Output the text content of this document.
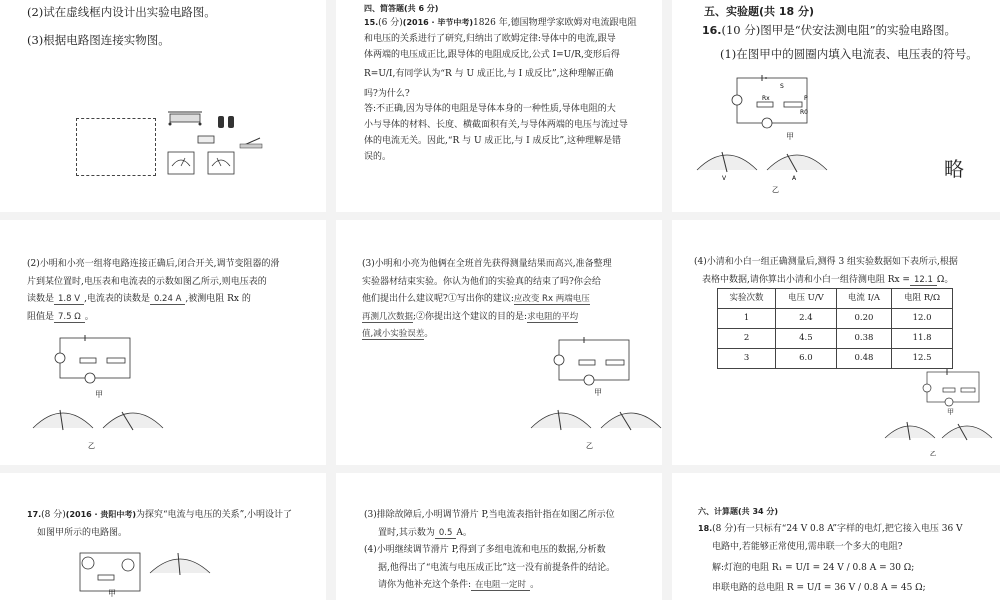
(2)试在虚线框内设计出实验电路图。
(3)根据电路图连接实物图。
四、简答题(共 6 分)
15.(6 分)(2016 · 毕节中考)1826 年,德国物理学家欧姆对电流跟电阻
和电压的关系进行了研究,归纳出了欧姆定律:导体中的电流,跟导
体两端的电压成正比,跟导体的电阻成反比,公式 I=U/R,变形后得
R=U/I,有同学认为“R 与 U 成正比,与 I 成反比”,这种理解正确
吗?为什么?
答:不正确,因为导体的电阻是导体本身的一种性质,导体电阻的大
小与导体的材料、长度、横截面积有关,与导体两端的电压与流过导
体的电流无关。因此,“R 与 U 成正比,与 I 成反比”,这种理解是错
误的。
五、实验题(共 18 分)
16.(10 分)图甲是“伏安法测电阻”的实验电路图。
(1)在图甲中的圆圈内填入电流表、电压表的符号。
S
Rx	P
R0
V	A
乙
甲
略
(2)小明和小亮一组将电路连接正确后,闭合开关,调节变阻器的滑
片到某位置时,电压表和电流表的示数如图乙所示,则电压表的
读数是 1.8 V ,电流表的读数是 0.24 A ,被测电阻 Rx 的
阻值是 7.5 Ω 。
甲
乙
(3)小明和小亮为他俩在全班首先获得测量结果而高兴,准备整理
实验器材结束实验。你认为他们的实验真的结束了吗?你会给
他们提出什么建议呢?①写出你的建议:应改变 Rx 两端电压
再测几次数据;②你提出这个建议的目的是:求电阻的平均
值,减小实验误差。
甲
乙
(4)小清和小白一组正确测量后,测得 3 组实验数据如下表所示,根据
表格中数据,请你算出小清和小白一组待测电阻 Rx = 12.1 Ω。
实验次数	电压 U/V	电流 I/A	电阻 R/Ω
1	2.4	0.20	12.0
2	4.5	0.38	11.8
3	6.0	0.48	12.5
甲
乙
17.(8 分)(2016 · 贵阳中考)为探究“电流与电压的关系”,小明设计了
如图甲所示的电路图。
甲
(3)排除故障后,小明调节滑片 P,当电流表指针指在如图乙所示位
置时,其示数为 0.5 A。
(4)小明继续调节滑片 P,得到了多组电流和电压的数据,分析数
据,他得出了“电流与电压成正比”这一没有前提条件的结论。
请你为他补充这个条件: 在电阻一定时 。
六、计算题(共 34 分)
18.(8 分)有一只标有“24 V 0.8 A”字样的电灯,把它接入电压 36 V
电路中,若能够正常使用,需串联一个多大的电阻?
解:灯泡的电阻 R₁ = U/I = 24 V / 0.8 A = 30 Ω;
串联电路的总电阻 R = U/I = 36 V / 0.8 A = 45 Ω;
